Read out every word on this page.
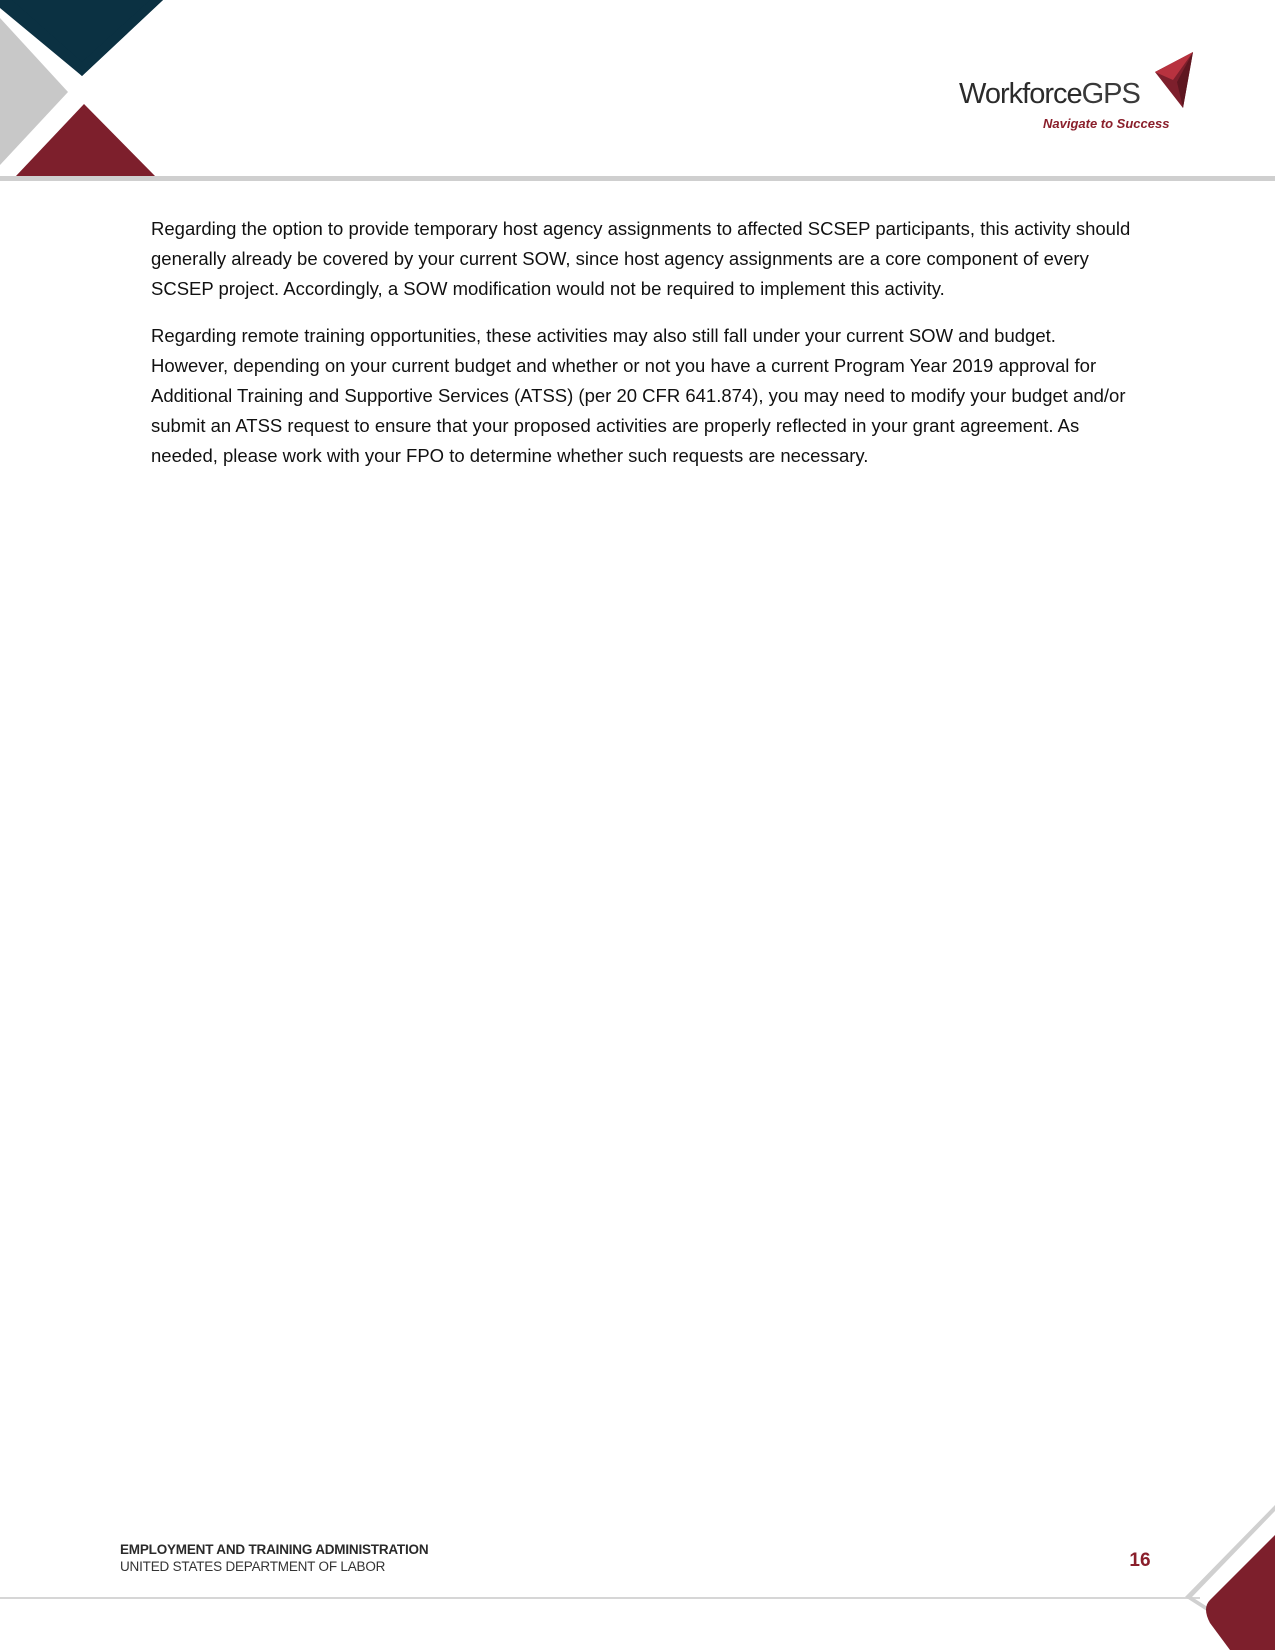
WorkforceGPS
Navigate to Success

Regarding the option to provide temporary host agency assignments to affected SCSEP participants, this activity should generally already be covered by your current SOW, since host agency assignments are a core component of every SCSEP project. Accordingly, a SOW modification would not be required to implement this activity.

Regarding remote training opportunities, these activities may also still fall under your current SOW and budget. However, depending on your current budget and whether or not you have a current Program Year 2019 approval for Additional Training and Supportive Services (ATSS) (per 20 CFR 641.874), you may need to modify your budget and/or submit an ATSS request to ensure that your proposed activities are properly reflected in your grant agreement. As needed, please work with your FPO to determine whether such requests are necessary.

EMPLOYMENT AND TRAINING ADMINISTRATION
UNITED STATES DEPARTMENT OF LABOR	16
